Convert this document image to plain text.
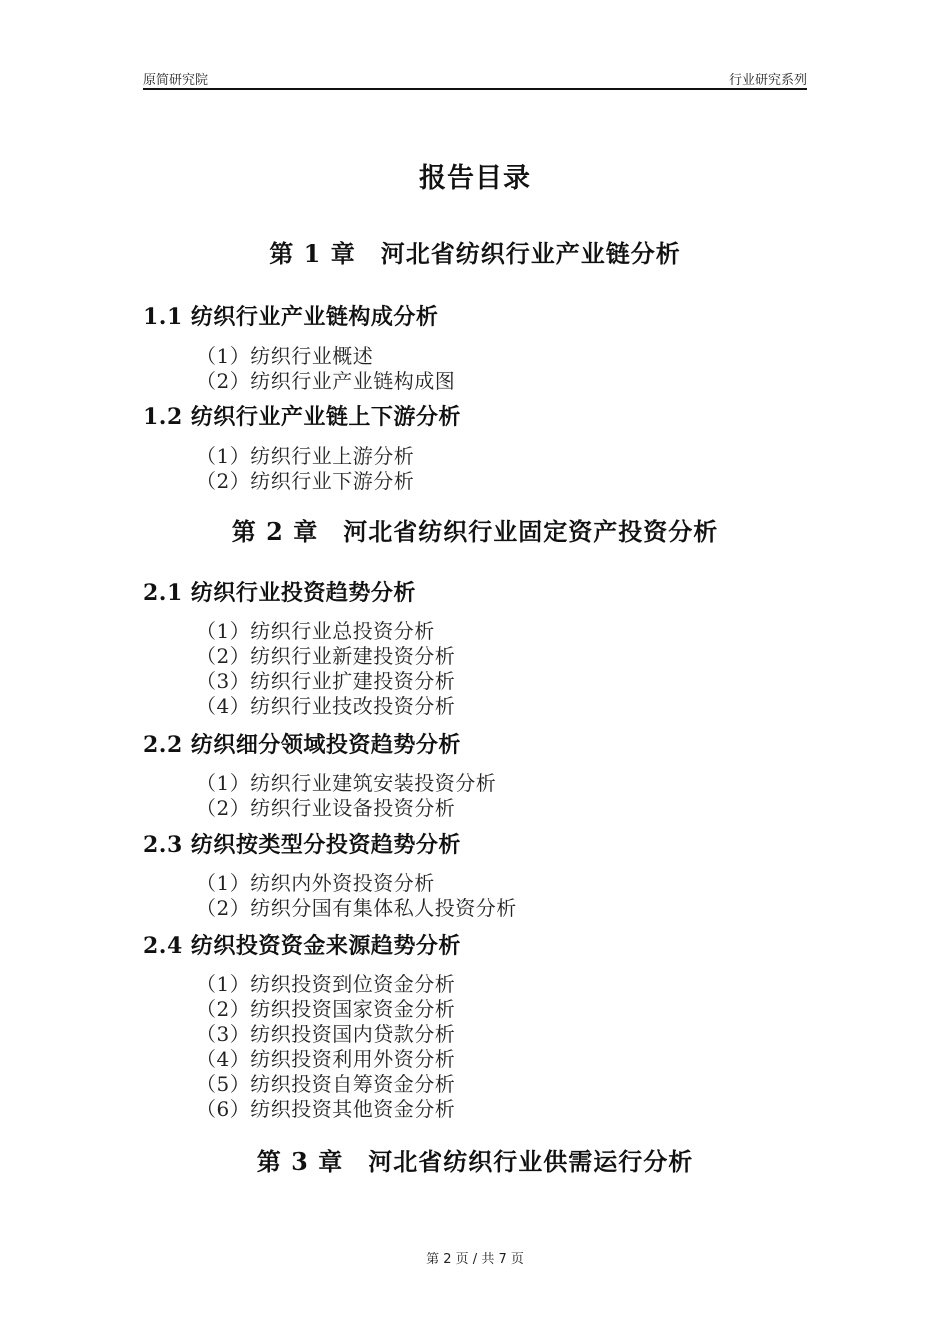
原简研究院	行业研究系列
报告目录
第 1 章　河北省纺织行业产业链分析
1.1 纺织行业产业链构成分析
（1）纺织行业概述
（2）纺织行业产业链构成图
1.2 纺织行业产业链上下游分析
（1）纺织行业上游分析
（2）纺织行业下游分析
第 2 章　河北省纺织行业固定资产投资分析
2.1 纺织行业投资趋势分析
（1）纺织行业总投资分析
（2）纺织行业新建投资分析
（3）纺织行业扩建投资分析
（4）纺织行业技改投资分析
2.2 纺织细分领域投资趋势分析
（1）纺织行业建筑安装投资分析
（2）纺织行业设备投资分析
2.3 纺织按类型分投资趋势分析
（1）纺织内外资投资分析
（2）纺织分国有集体私人投资分析
2.4 纺织投资资金来源趋势分析
（1）纺织投资到位资金分析
（2）纺织投资国家资金分析
（3）纺织投资国内贷款分析
（4）纺织投资利用外资分析
（5）纺织投资自筹资金分析
（6）纺织投资其他资金分析
第 3 章　河北省纺织行业供需运行分析
第 2 页 / 共 7 页
